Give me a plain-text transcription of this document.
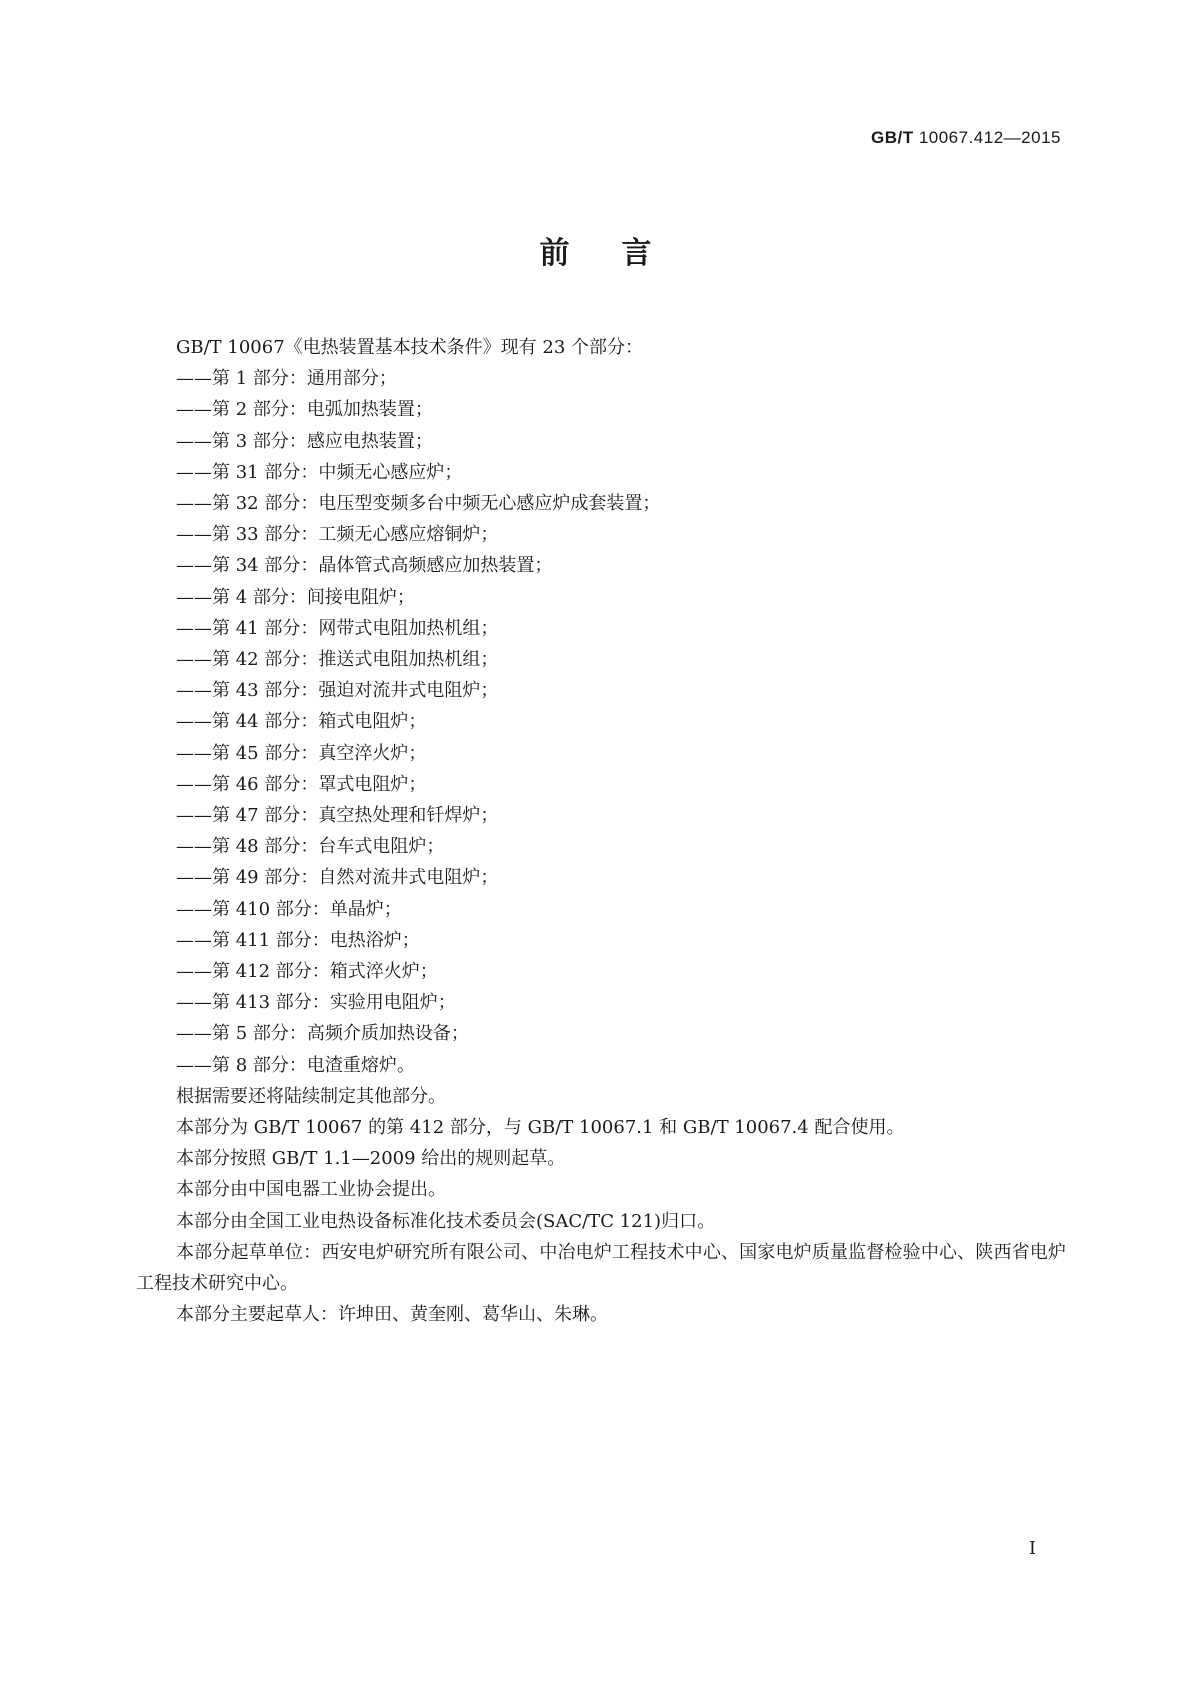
GB/T 10067.412—2015
前言

GB/T 10067《电热装置基本技术条件》现有 23 个部分：

——第 1 部分：通用部分；
——第 2 部分：电弧加热装置；
——第 3 部分：感应电热装置；
——第 31 部分：中频无心感应炉；
——第 32 部分：电压型变频多台中频无心感应炉成套装置；
——第 33 部分：工频无心感应熔铜炉；
——第 34 部分：晶体管式高频感应加热装置；
——第 4 部分：间接电阻炉；
——第 41 部分：网带式电阻加热机组；
——第 42 部分：推送式电阻加热机组；
——第 43 部分：强迫对流井式电阻炉；
——第 44 部分：箱式电阻炉；
——第 45 部分：真空淬火炉；
——第 46 部分：罩式电阻炉；
——第 47 部分：真空热处理和钎焊炉；
——第 48 部分：台车式电阻炉；
——第 49 部分：自然对流井式电阻炉；
——第 410 部分：单晶炉；
——第 411 部分：电热浴炉；
——第 412 部分：箱式淬火炉；
——第 413 部分：实验用电阻炉；
——第 5 部分：高频介质加热设备；
——第 8 部分：电渣重熔炉。

根据需要还将陆续制定其他部分。

本部分为 GB/T 10067 的第 412 部分，与 GB/T 10067.1 和 GB/T 10067.4 配合使用。

本部分按照 GB/T 1.1—2009 给出的规则起草。

本部分由中国电器工业协会提出。

本部分由全国工业电热设备标准化技术委员会(SAC/TC 121)归口。

本部分起草单位：西安电炉研究所有限公司、中冶电炉工程技术中心、国家电炉质量监督检验中心、陕西省电炉工程技术研究中心。

本部分主要起草人：许坤田、黄奎刚、葛华山、朱琳。

I
